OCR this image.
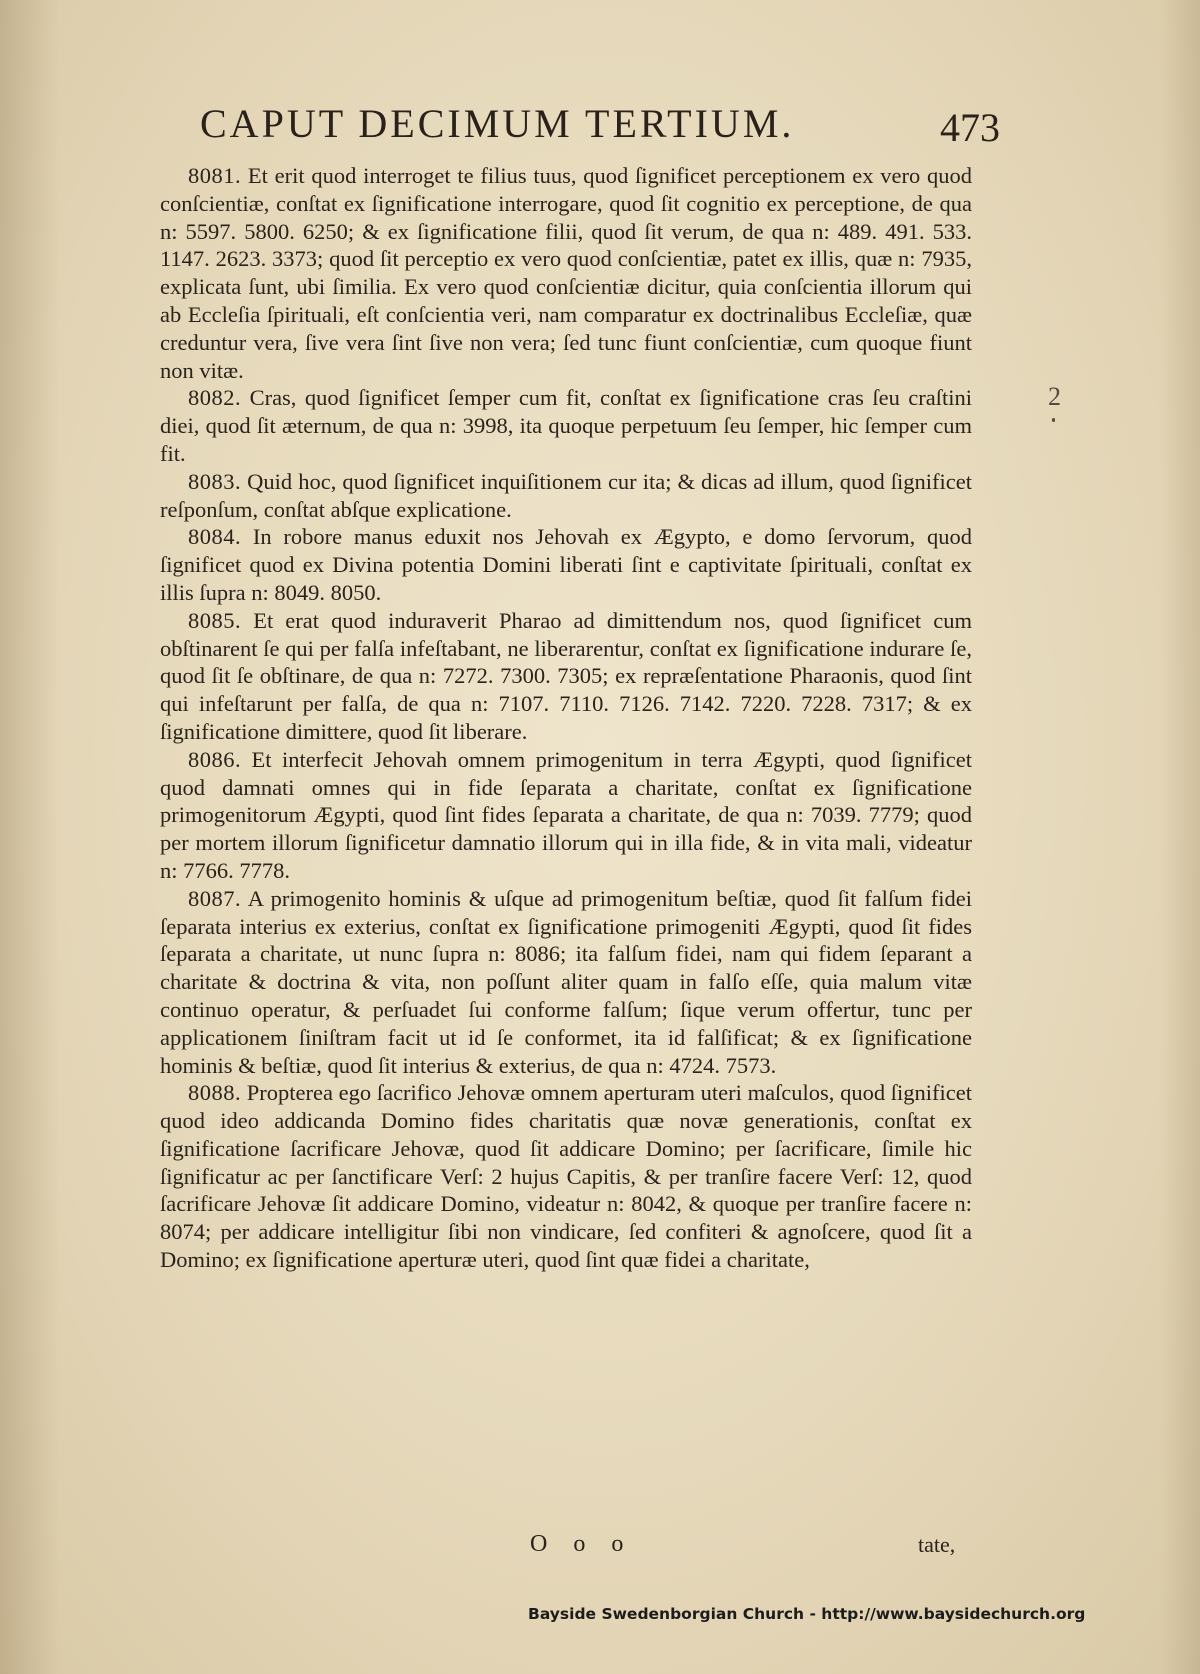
CAPUT DECIMUM TERTIUM.	473

8081. Et erit quod interroget te filius tuus, quod ſignificet perceptionem ex vero quod conſcientiæ, conſtat ex ſignificatione interrogare, quod ſit cognitio ex perceptione, de qua n: 5597. 5800. 6250; & ex ſignificatione filii, quod ſit verum, de qua n: 489. 491. 533. 1147. 2623. 3373; quod ſit perceptio ex vero quod conſcientiæ, patet ex illis, quæ n: 7935, explicata ſunt, ubi ſimilia. Ex vero quod conſcientiæ dicitur, quia conſcientia illorum qui ab Eccleſia ſpirituali, eſt conſcientia veri, nam comparatur ex doctrinalibus Eccleſiæ, quæ creduntur vera, ſive vera ſint ſive non vera; ſed tunc fiunt conſcientiæ, cum quoque fiunt non vitæ.

8082. Cras, quod ſignificet ſemper cum fit, conſtat ex ſignificatione cras ſeu craſtini diei, quod ſit æternum, de qua n: 3998, ita quoque perpetuum ſeu ſemper, hic ſemper cum fit.

8083. Quid hoc, quod ſignificet inquiſitionem cur ita; & dicas ad illum, quod ſignificet reſponſum, conſtat abſque explicatione.

8084. In robore manus eduxit nos Jehovah ex Ægypto, e domo ſervorum, quod ſignificet quod ex Divina potentia Domini liberati ſint e captivitate ſpirituali, conſtat ex illis ſupra n: 8049. 8050.

8085. Et erat quod induraverit Pharao ad dimittendum nos, quod ſignificet cum obſtinarent ſe qui per falſa infeſtabant, ne liberarentur, conſtat ex ſignificatione indurare ſe, quod ſit ſe obſtinare, de qua n: 7272. 7300. 7305; ex repræſentatione Pharaonis, quod ſint qui infeſtarunt per falſa, de qua n: 7107. 7110. 7126. 7142. 7220. 7228. 7317; & ex ſignificatione dimittere, quod ſit liberare.

8086. Et interfecit Jehovah omnem primogenitum in terra Ægypti, quod ſignificet quod damnati omnes qui in fide ſeparata a charitate, conſtat ex ſignificatione primogenitorum Ægypti, quod ſint fides ſeparata a charitate, de qua n: 7039. 7779; quod per mortem illorum ſignificetur damnatio illorum qui in illa fide, & in vita mali, videatur n: 7766. 7778.

8087. A primogenito hominis & uſque ad primogenitum beſtiæ, quod ſit falſum fidei ſeparata interius ex exterius, conſtat ex ſignificatione primogeniti Ægypti, quod ſit fides ſeparata a charitate, ut nunc ſupra n: 8086; ita falſum fidei, nam qui fidem ſeparant a charitate & doctrina & vita, non poſſunt aliter quam in falſo eſſe, quia malum vitæ continuo operatur, & perſuadet ſui conforme falſum; ſique verum offertur, tunc per applicationem ſiniſtram facit ut id ſe conformet, ita id falſificat; & ex ſignificatione hominis & beſtiæ, quod ſit interius & exterius, de qua n: 4724. 7573.

8088. Propterea ego ſacrifico Jehovæ omnem aperturam uteri maſculos, quod ſignificet quod ideo addicanda Domino fides charitatis quæ novæ generationis, conſtat ex ſignificatione ſacrificare Jehovæ, quod ſit addicare Domino; per ſacrificare, ſimile hic ſignificatur ac per ſanctificare Verſ: 2 hujus Capitis, & per tranſire facere Verſ: 12, quod ſacrificare Jehovæ ſit addicare Domino, videatur n: 8042, & quoque per tranſire facere n: 8074; per addicare intelligitur ſibi non vindicare, ſed confiteri & agnoſcere, quod ſit a Domino; ex ſignificatione aperturæ uteri, quod ſint quæ fidei a charitate,

2
O o o	tate,
Bayside Swedenborgian Church - http://www.baysidechurch.org
